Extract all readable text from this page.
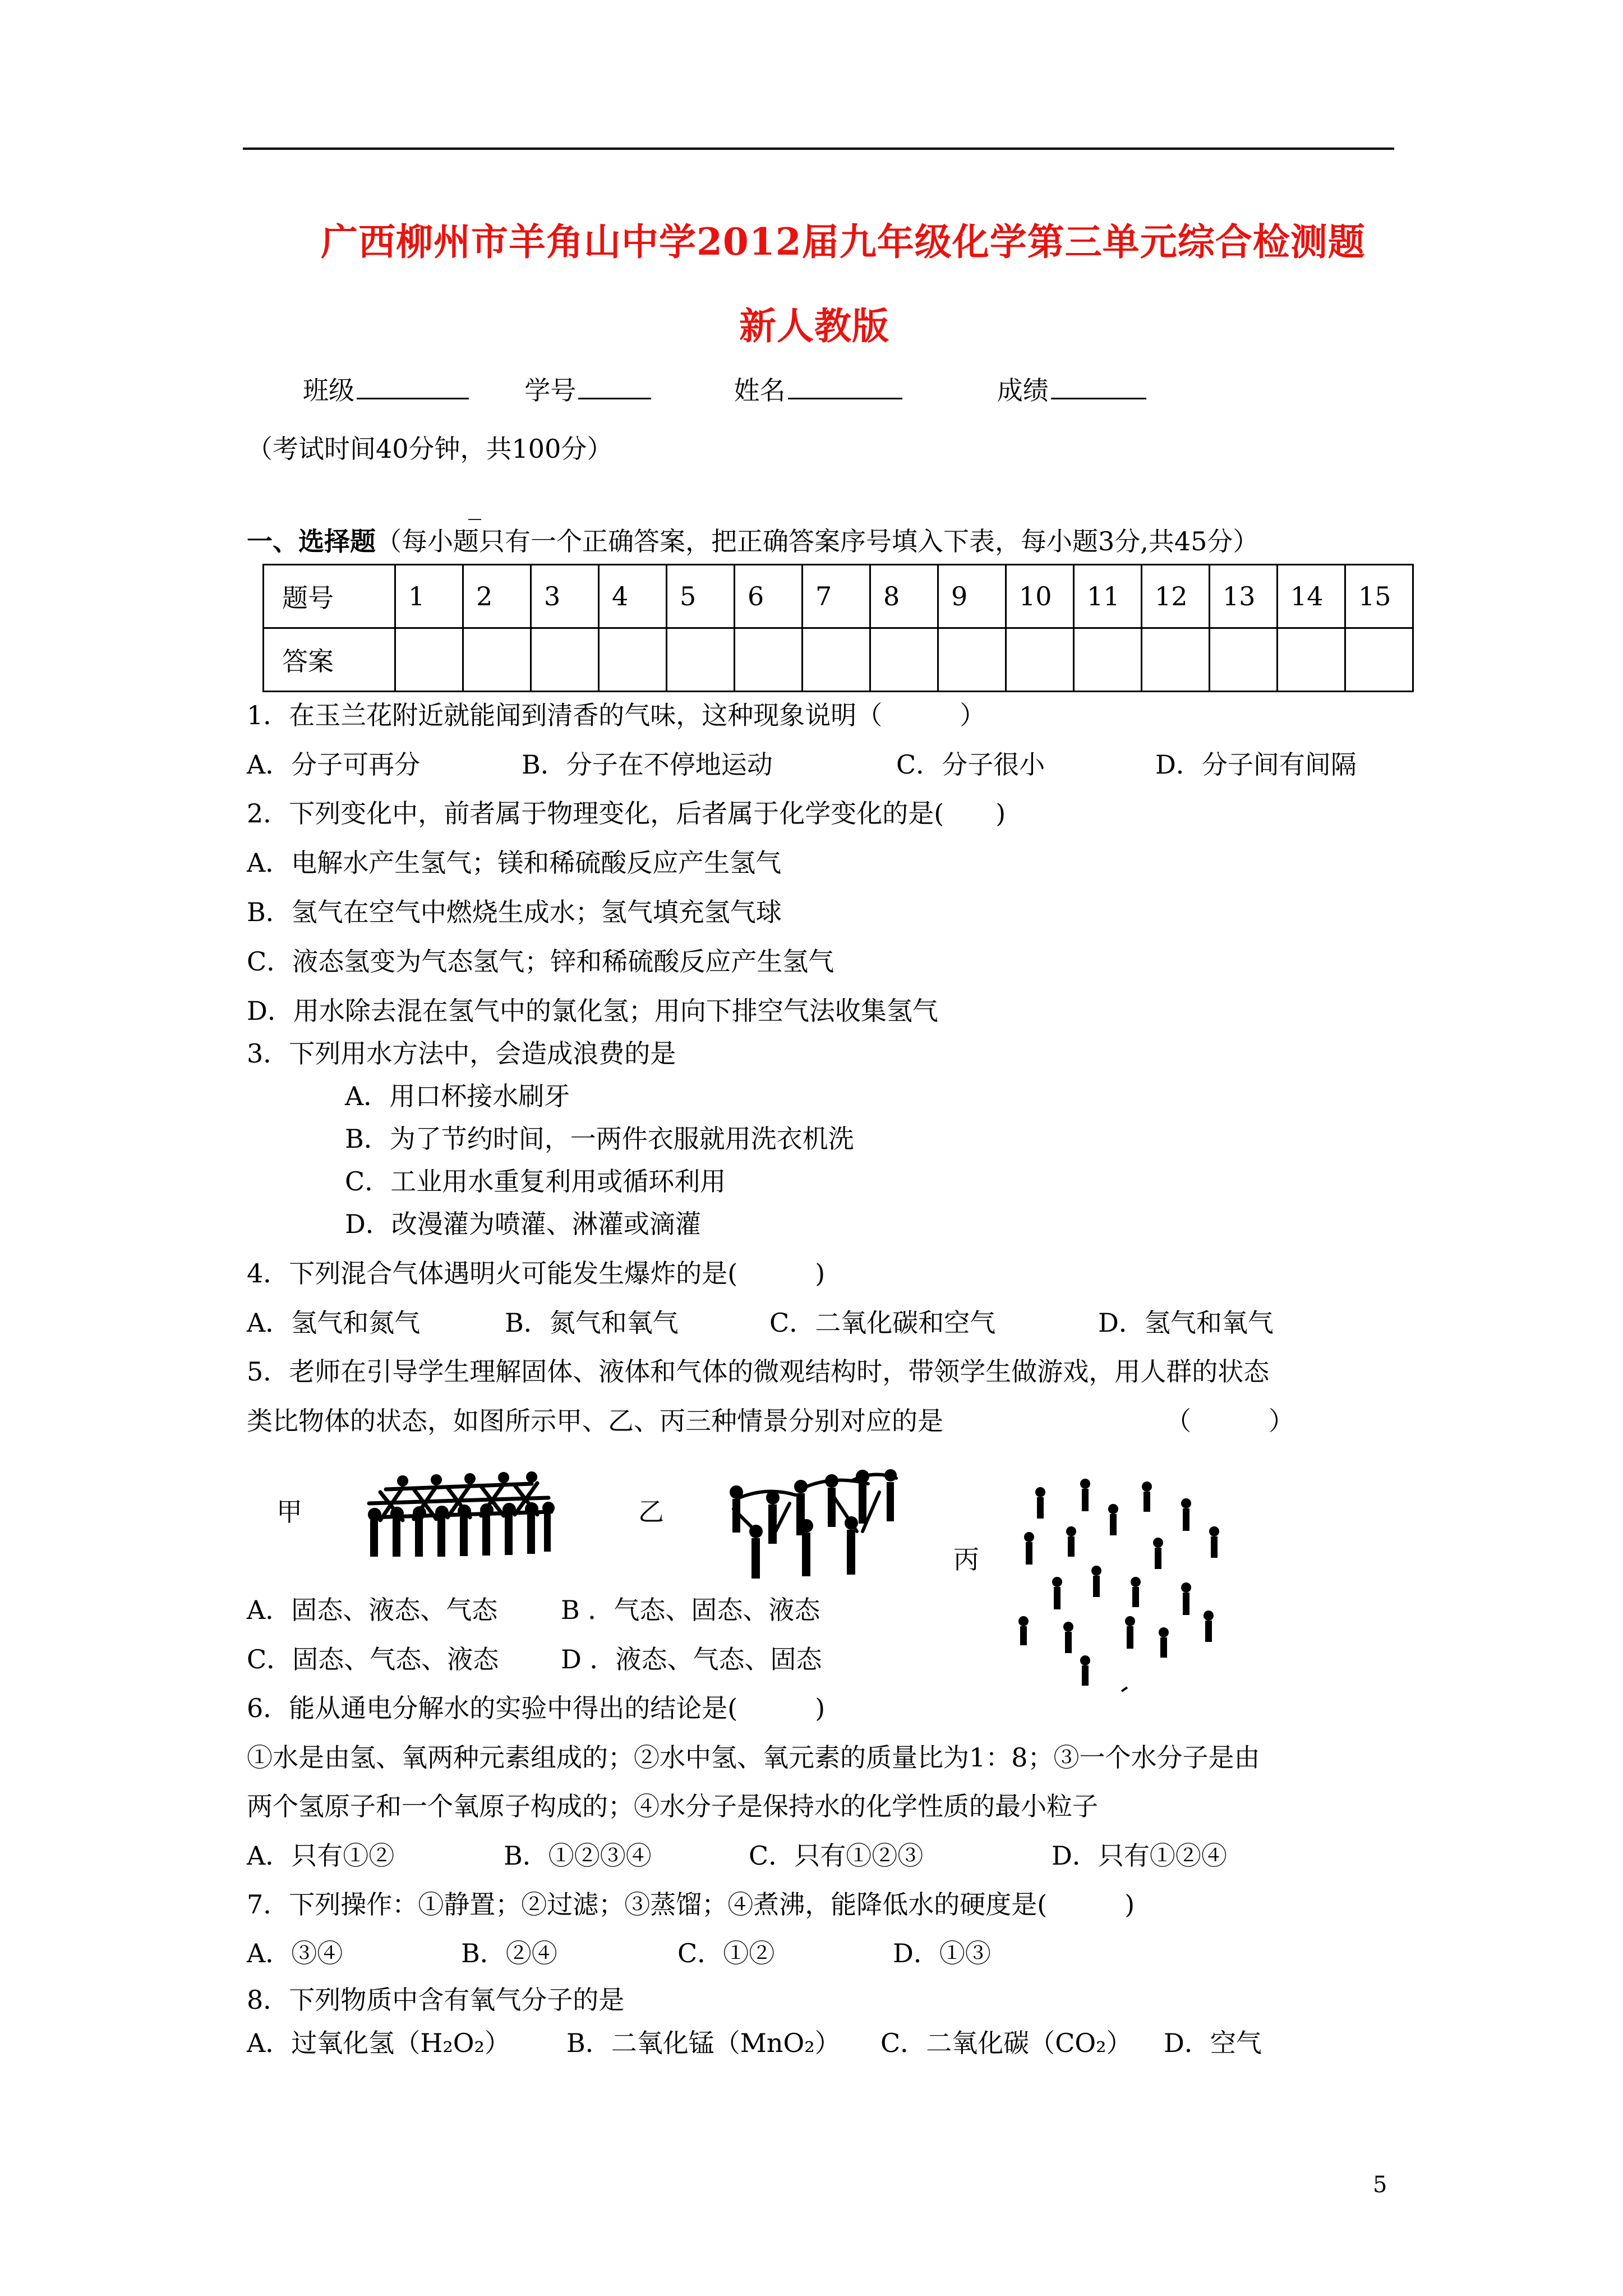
广西柳州市羊角山中学2012届九年级化学第三单元综合检测题
新人教版
班级	学号	姓名	成绩
（考试时间40分钟，共100分）
_
一、选择题（每小题只有一个正确答案，把正确答案序号填入下表，每小题3分,共45分）
题号	1	2	3	4	5	6	7	8	9	10	11	12	13	14	15
答案															
1．在玉兰花附近就能闻到清香的气味，这种现象说明（　　　）
A．分子可再分	B．分子在不停地运动	C．分子很小	D．分子间有间隔
2．下列变化中，前者属于物理变化，后者属于化学变化的是(　　)
A．电解水产生氢气；镁和稀硫酸反应产生氢气
B．氢气在空气中燃烧生成水；氢气填充氢气球
C．液态氢变为气态氢气；锌和稀硫酸反应产生氢气
D．用水除去混在氢气中的氯化氢；用向下排空气法收集氢气
3．下列用水方法中，会造成浪费的是
A．用口杯接水刷牙
B．为了节约时间，一两件衣服就用洗衣机洗
C．工业用水重复利用或循环利用
D．改漫灌为喷灌、淋灌或滴灌
4．下列混合气体遇明火可能发生爆炸的是(　　　)
A．氢气和氮气	B．氮气和氧气	C．二氧化碳和空气	D．氢气和氧气
5．老师在引导学生理解固体、液体和气体的微观结构时，带领学生做游戏，用人群的状态
类比物体的状态，如图所示甲、乙、丙三种情景分别对应的是	（　　　）
甲	乙
丙
A．固态、液态、气态 B ．气态、固态、液态
C．固态、气态、液态 D ．液态、气态、固态
6．能从通电分解水的实验中得出的结论是(　　　)
①水是由氢、氧两种元素组成的；②水中氢、氧元素的质量比为1：8；③一个水分子是由
两个氢原子和一个氧原子构成的；④水分子是保持水的化学性质的最小粒子
A．只有①②	B．①②③④	C．只有①②③	D．只有①②④
7．下列操作：①静置；②过滤；③蒸馏；④煮沸，能降低水的硬度是(　　　)
A．③④	B．②④	C．①②	D．①③
8．下列物质中含有氧气分子的是
A．过氧化氢（H₂O₂） B．二氧化锰（MnO₂） C．二氧化碳（CO₂） D．空气
5
